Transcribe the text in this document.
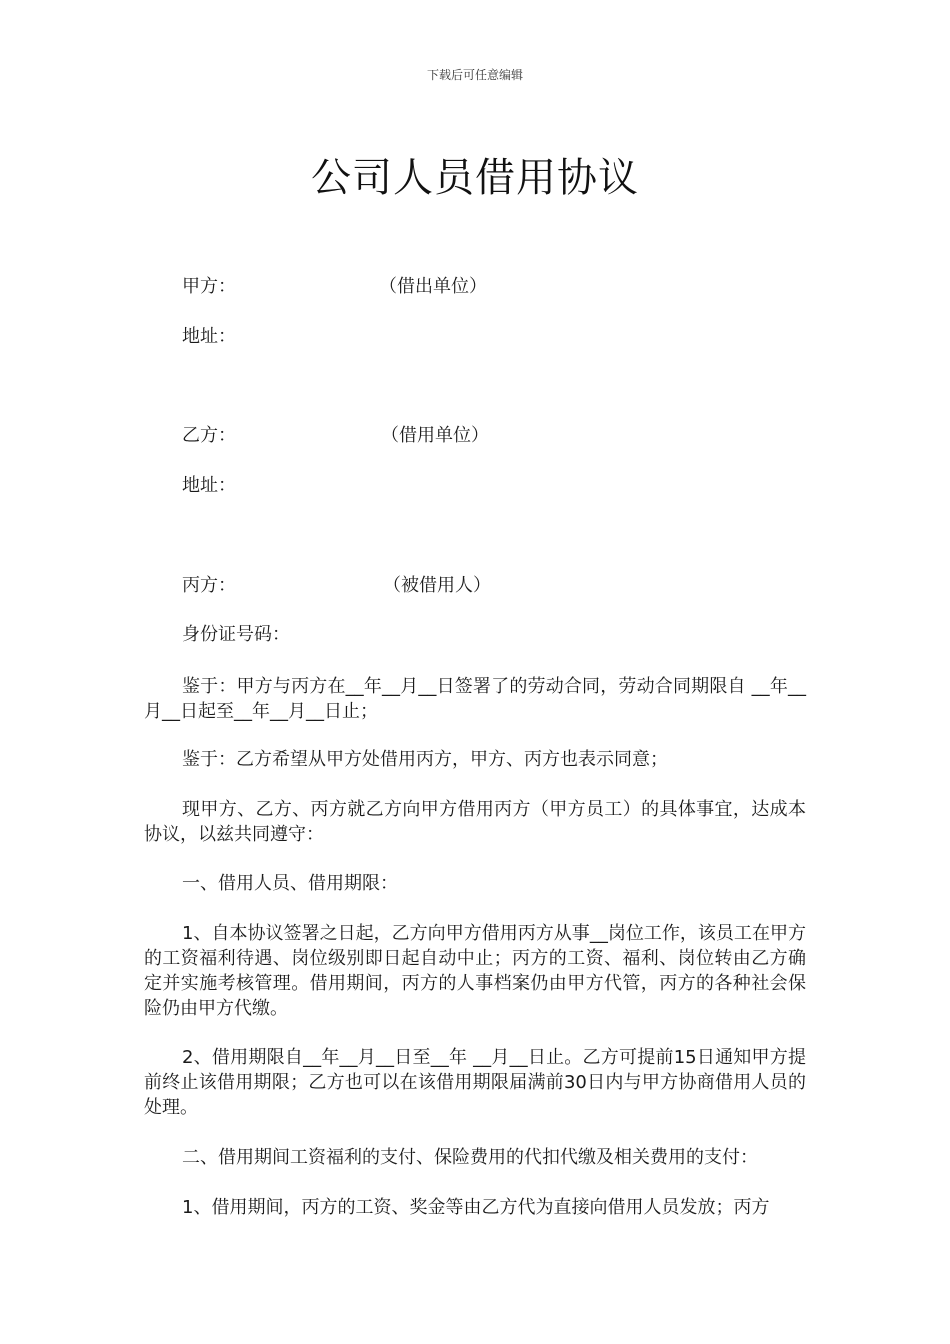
下载后可任意编辑
公司人员借用协议
甲方：	（借出单位）
地址：
乙方：	（借用单位）
地址：
丙方：	（被借用人）
身份证号码：
鉴于：甲方与丙方在__年__月__日签署了的劳动合同，劳动合同期限自 __年__月__日起至__年__月__日止；
鉴于：乙方希望从甲方处借用丙方，甲方、丙方也表示同意；
现甲方、乙方、丙方就乙方向甲方借用丙方（甲方员工）的具体事宜，达成本协议，以兹共同遵守：
一、借用人员、借用期限：
1、自本协议签署之日起，乙方向甲方借用丙方从事__岗位工作，该员工在甲方的工资福利待遇、岗位级别即日起自动中止；丙方的工资、福利、岗位转由乙方确定并实施考核管理。借用期间，丙方的人事档案仍由甲方代管，丙方的各种社会保险仍由甲方代缴。
2、借用期限自__年__月__日至__年 __月__日止。乙方可提前15日通知甲方提前终止该借用期限；乙方也可以在该借用期限届满前30日内与甲方协商借用人员的处理。
二、借用期间工资福利的支付、保险费用的代扣代缴及相关费用的支付：
1、借用期间，丙方的工资、奖金等由乙方代为直接向借用人员发放；丙方
